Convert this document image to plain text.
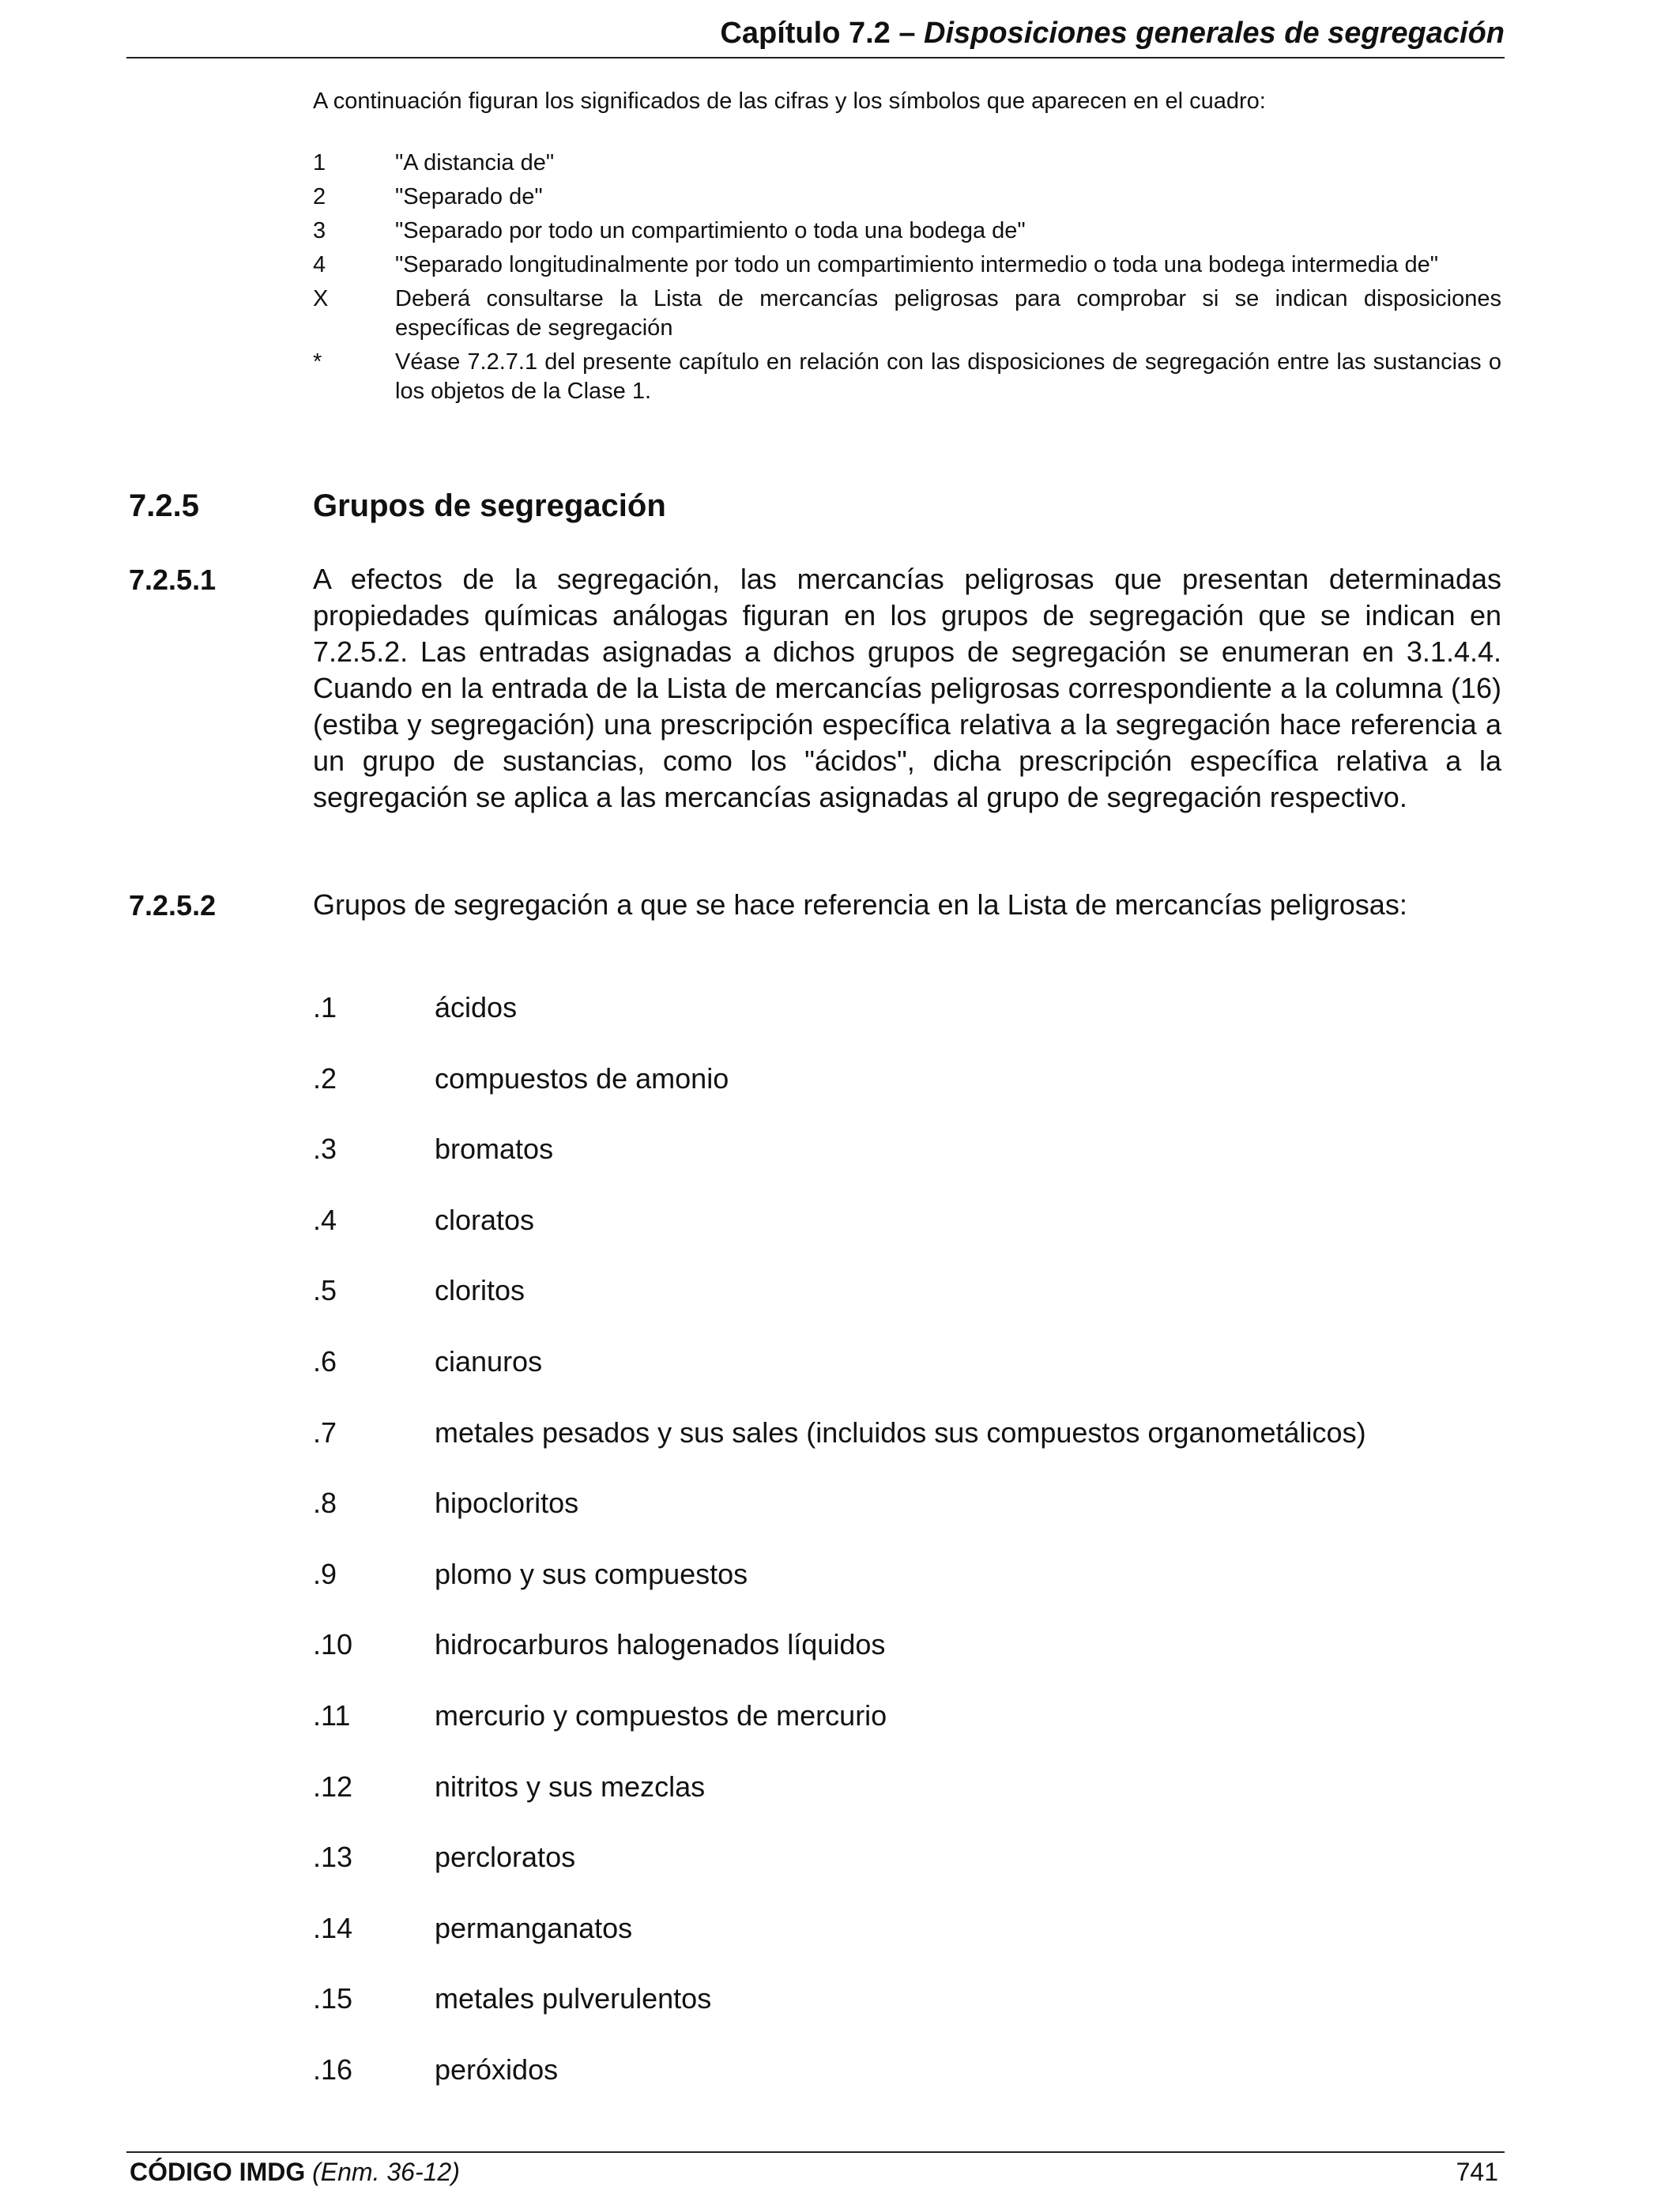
Capítulo 7.2 – Disposiciones generales de segregación
A continuación figuran los significados de las cifras y los símbolos que aparecen en el cuadro:
1	"A distancia de"
2	"Separado de"
3	"Separado por todo un compartimiento o toda una bodega de"
4	"Separado longitudinalmente por todo un compartimiento intermedio o toda una bodega intermedia de"
X	Deberá consultarse la Lista de mercancías peligrosas para comprobar si se indican disposiciones específicas de segregación
*	Véase 7.2.7.1 del presente capítulo en relación con las disposiciones de segregación entre las sustancias o los objetos de la Clase 1.
7.2.5	Grupos de segregación
7.2.5.1	A efectos de la segregación, las mercancías peligrosas que presentan determinadas propiedades químicas análogas figuran en los grupos de segregación que se indican en 7.2.5.2. Las entradas asignadas a dichos grupos de segregación se enumeran en 3.1.4.4. Cuando en la entrada de la Lista de mercancías peligrosas correspondiente a la columna (16) (estiba y segregación) una prescripción específica relativa a la segregación hace referencia a un grupo de sustancias, como los "ácidos", dicha prescripción específica relativa a la segregación se aplica a las mercancías asignadas al grupo de segregación respectivo.
7.2.5.2	Grupos de segregación a que se hace referencia en la Lista de mercancías peligrosas:
.1	ácidos
.2	compuestos de amonio
.3	bromatos
.4	cloratos
.5	cloritos
.6	cianuros
.7	metales pesados y sus sales (incluidos sus compuestos organometálicos)
.8	hipocloritos
.9	plomo y sus compuestos
.10	hidrocarburos halogenados líquidos
.11	mercurio y compuestos de mercurio
.12	nitritos y sus mezclas
.13	percloratos
.14	permanganatos
.15	metales pulverulentos
.16	peróxidos
CÓDIGO IMDG (Enm. 36-12)	741
